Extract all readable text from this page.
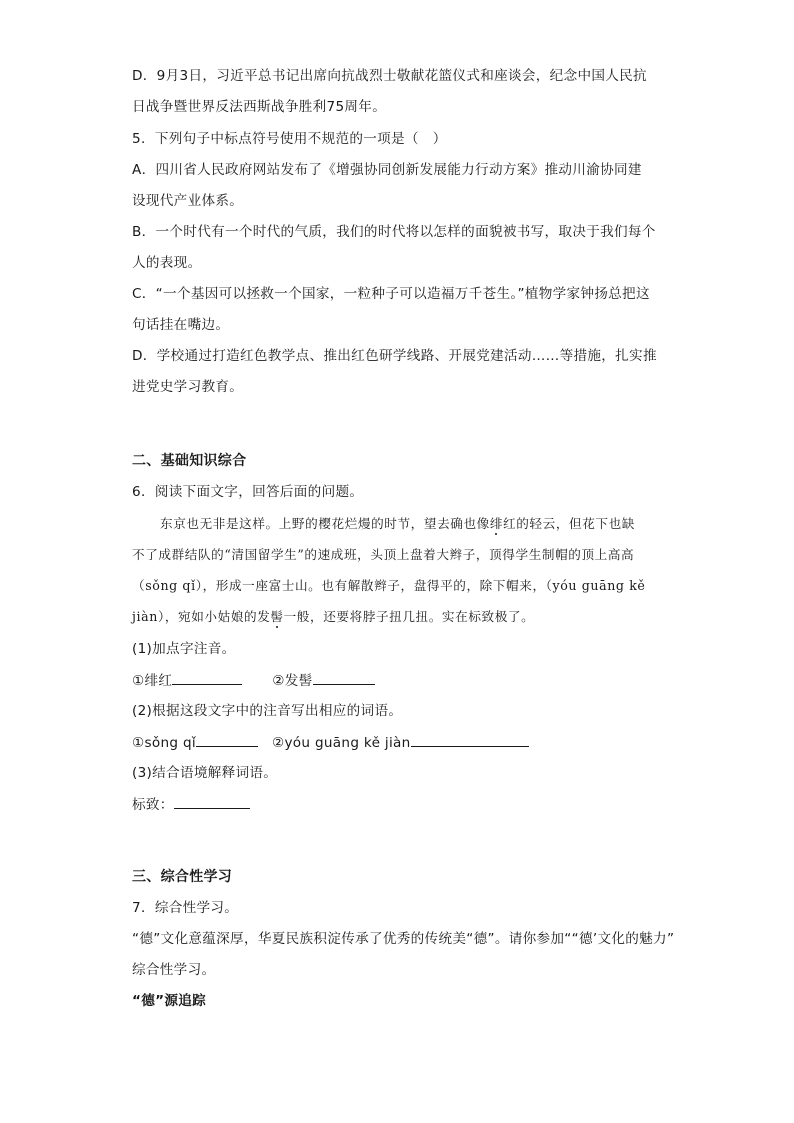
D．9月3日，习近平总书记出席向抗战烈士敬献花篮仪式和座谈会，纪念中国人民抗
日战争暨世界反法西斯战争胜利75周年。
5．下列句子中标点符号使用不规范的一项是（　）
A．四川省人民政府网站发布了《增强协同创新发展能力行动方案》推动川渝协同建
设现代产业体系。
B．一个时代有一个时代的气质，我们的时代将以怎样的面貌被书写，取决于我们每个
人的表现。
C．“一个基因可以拯救一个国家，一粒种子可以造福万千苍生。”植物学家钟扬总把这
句话挂在嘴边。
D．学校通过打造红色教学点、推出红色研学线路、开展党建活动……等措施，扎实推
进党史学习教育。
二、基础知识综合
6．阅读下面文字，回答后面的问题。
东京也无非是这样。上野的樱花烂熳的时节，望去确也像绯红的轻云，但花下也缺
不了成群结队的“清国留学生”的速成班，头顶上盘着大辫子，顶得学生制帽的顶上高高
（sǒng qǐ），形成一座富士山。也有解散辫子，盘得平的，除下帽来，（yóu guāng kě
jiàn），宛如小姑娘的发髻一般，还要将脖子扭几扭。实在标致极了。
(1)加点字注音。
①绯红	②发髻
(2)根据这段文字中的注音写出相应的词语。
①sǒng qǐ	②yóu guāng kě jiàn
(3)结合语境解释词语。
标致：
三、综合性学习
7．综合性学习。
“德”文化意蕴深厚，华夏民族积淀传承了优秀的传统美“德”。请你参加““德’文化的魅力”
综合性学习。
“德”源追踪
